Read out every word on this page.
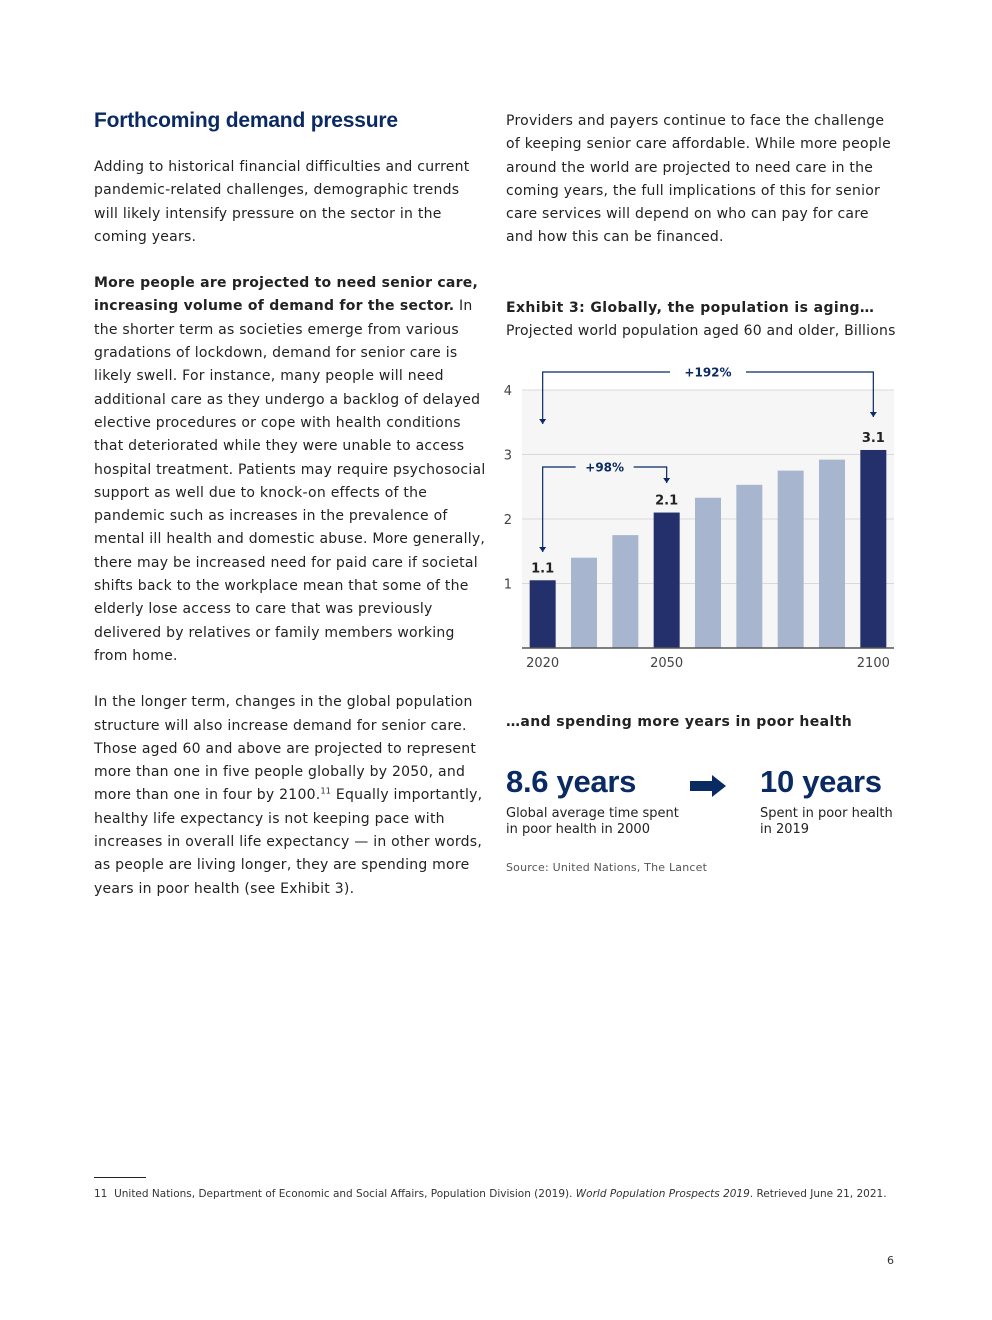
Forthcoming demand pressure

Adding to historical financial difficulties and current pandemic-related challenges, demographic trends will likely intensify pressure on the sector in the coming years.

More people are projected to need senior care, increasing volume of demand for the sector. In the shorter term as societies emerge from various gradations of lockdown, demand for senior care is likely swell. For instance, many people will need additional care as they undergo a backlog of delayed elective procedures or cope with health conditions that deteriorated while they were unable to access hospital treatment. Patients may require psychosocial support as well due to knock-on effects of the pandemic such as increases in the prevalence of mental ill health and domestic abuse. More generally, there may be increased need for paid care if societal shifts back to the workplace mean that some of the elderly lose access to care that was previously delivered by relatives or family members working from home.

In the longer term, changes in the global population structure will also increase demand for senior care. Those aged 60 and above are projected to represent more than one in five people globally by 2050, and more than one in four by 2100.11 Equally importantly, healthy life expectancy is not keeping pace with increases in overall life expectancy — in other words, as people are living longer, they are spending more years in poor health (see Exhibit 3).

Providers and payers continue to face the challenge of keeping senior care affordable. While more people around the world are projected to need care in the coming years, the full implications of this for senior care services will depend on who can pay for care and how this can be financed.

Exhibit 3: Globally, the population is aging…

Projected world population aged 60 and older, Billions

1
2
3
4
1.1
2020
2.1
2050
3.1
2100
+98%
+192%

…and spending more years in poor health

8.6 years
Global average time spent
in poor health in 2000
10 years
Spent in poor health
in 2019
Source: United Nations, The Lancet
11 United Nations, Department of Economic and Social Affairs, Population Division (2019). World Population Prospects 2019. Retrieved June 21, 2021.
6
